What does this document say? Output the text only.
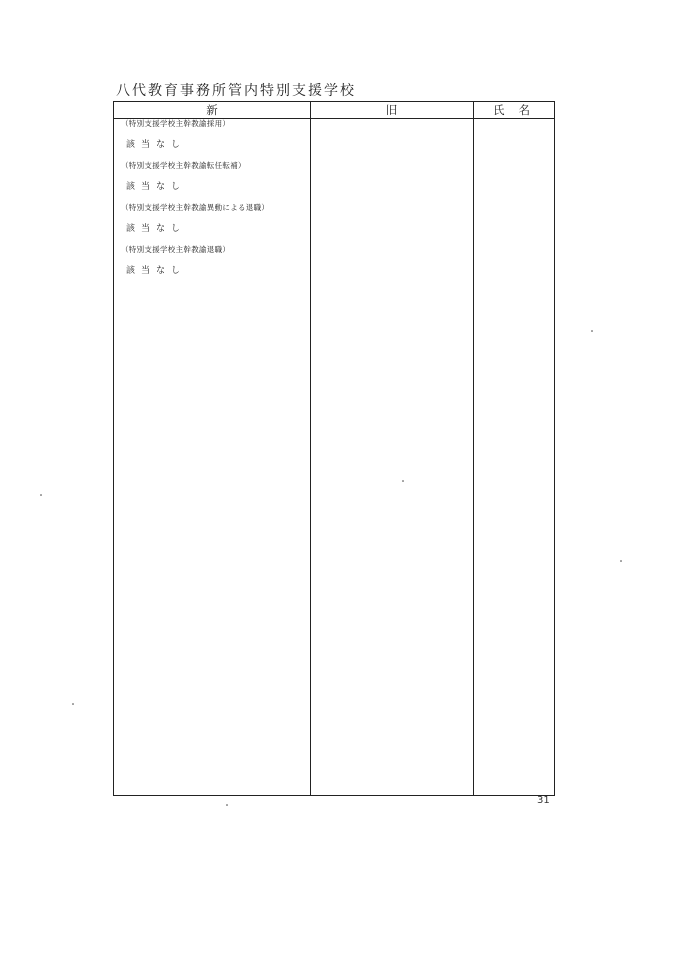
八代教育事務所管内特別支援学校
新	旧	氏名
（特別支援学校主幹教諭採用）
該当なし
（特別支援学校主幹教諭転任転補）
該当なし
（特別支援学校主幹教諭異動による退職）
該当なし
（特別支援学校主幹教諭退職）
該当なし
31
